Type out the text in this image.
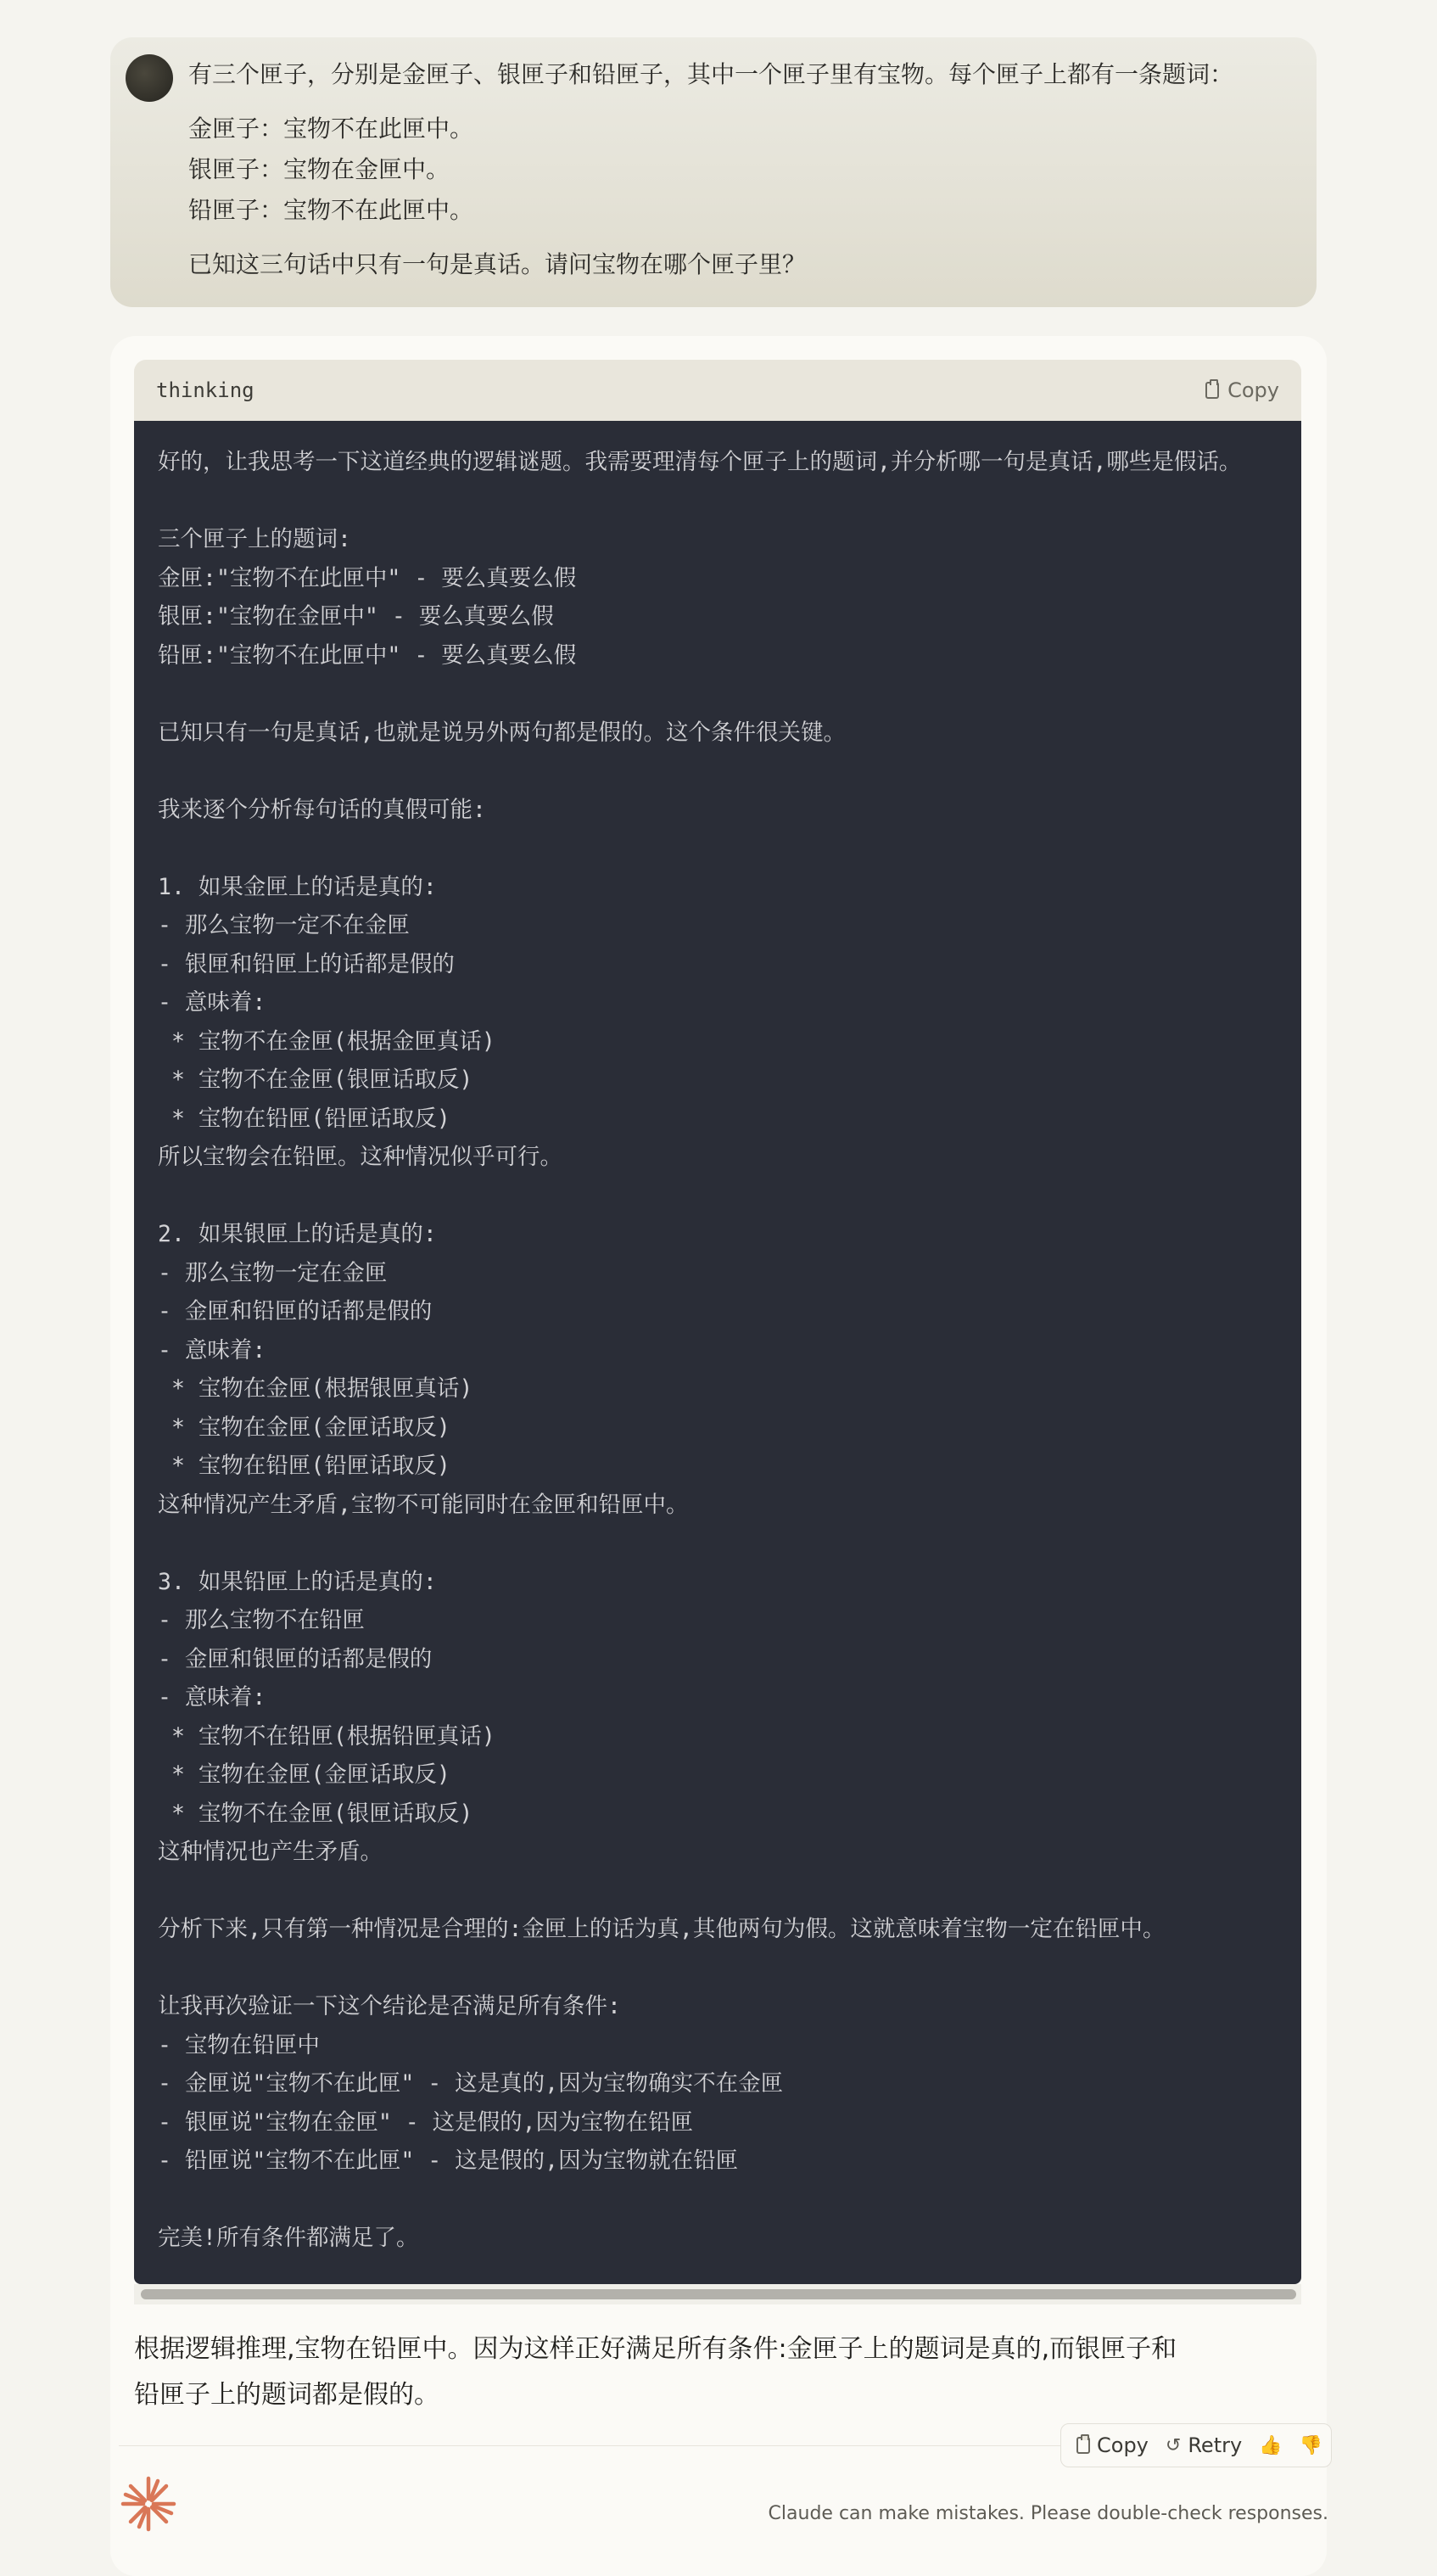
有三个匣子，分别是金匣子、银匣子和铅匣子，其中一个匣子里有宝物。每个匣子上都有一条题词：
金匣子：宝物不在此匣中。
银匣子：宝物在金匣中。
铅匣子：宝物不在此匣中。
已知这三句话中只有一句是真话。请问宝物在哪个匣子里？
thinking	Copy
好的，让我思考一下这道经典的逻辑谜题。我需要理清每个匣子上的题词,并分析哪一句是真话,哪些是假话。

三个匣子上的题词:
金匣:"宝物不在此匣中" - 要么真要么假
银匣:"宝物在金匣中" - 要么真要么假
铅匣:"宝物不在此匣中" - 要么真要么假

已知只有一句是真话,也就是说另外两句都是假的。这个条件很关键。

我来逐个分析每句话的真假可能:

1. 如果金匣上的话是真的:
- 那么宝物一定不在金匣
- 银匣和铅匣上的话都是假的
- 意味着:
* 宝物不在金匣(根据金匣真话)
* 宝物不在金匣(银匣话取反)
* 宝物在铅匣(铅匣话取反)
所以宝物会在铅匣。这种情况似乎可行。

2. 如果银匣上的话是真的:
- 那么宝物一定在金匣
- 金匣和铅匣的话都是假的
- 意味着:
* 宝物在金匣(根据银匣真话)
* 宝物在金匣(金匣话取反)
* 宝物在铅匣(铅匣话取反)
这种情况产生矛盾,宝物不可能同时在金匣和铅匣中。

3. 如果铅匣上的话是真的:
- 那么宝物不在铅匣
- 金匣和银匣的话都是假的
- 意味着:
* 宝物不在铅匣(根据铅匣真话)
* 宝物在金匣(金匣话取反)
* 宝物不在金匣(银匣话取反)
这种情况也产生矛盾。

分析下来,只有第一种情况是合理的:金匣上的话为真,其他两句为假。这就意味着宝物一定在铅匣中。

让我再次验证一下这个结论是否满足所有条件:
- 宝物在铅匣中
- 金匣说"宝物不在此匣" - 这是真的,因为宝物确实不在金匣
- 银匣说"宝物在金匣" - 这是假的,因为宝物在铅匣
- 铅匣说"宝物不在此匣" - 这是假的,因为宝物就在铅匣

完美!所有条件都满足了。
根据逻辑推理,宝物在铅匣中。因为这样正好满足所有条件:金匣子上的题词是真的,而银匣子和
铅匣子上的题词都是假的。
Copy ↺ Retry 👍 👎
Claude can make mistakes. Please double-check responses.
